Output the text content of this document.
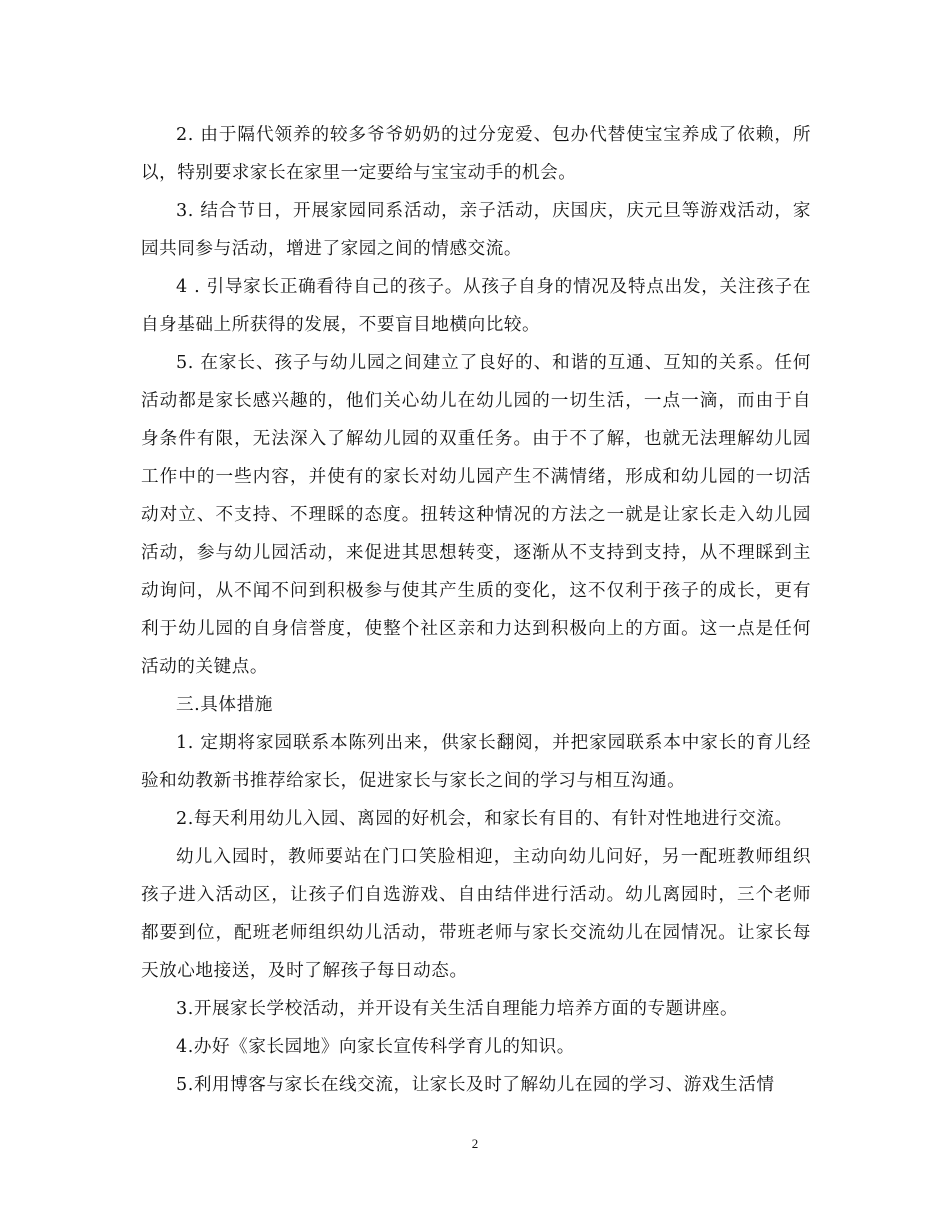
2. 由于隔代领养的较多爷爷奶奶的过分宠爱、包办代替使宝宝养成了依赖，所以，特别要求家长在家里一定要给与宝宝动手的机会。

3. 结合节日，开展家园同系活动，亲子活动，庆国庆，庆元旦等游戏活动，家园共同参与活动，增进了家园之间的情感交流。

4 . 引导家长正确看待自己的孩子。从孩子自身的情况及特点出发，关注孩子在自身基础上所获得的发展，不要盲目地横向比较。

5. 在家长、孩子与幼儿园之间建立了良好的、和谐的互通、互知的关系。任何活动都是家长感兴趣的，他们关心幼儿在幼儿园的一切生活，一点一滴，而由于自身条件有限，无法深入了解幼儿园的双重任务。由于不了解，也就无法理解幼儿园工作中的一些内容，并使有的家长对幼儿园产生不满情绪，形成和幼儿园的一切活动对立、不支持、不理睬的态度。扭转这种情况的方法之一就是让家长走入幼儿园活动，参与幼儿园活动，来促进其思想转变，逐渐从不支持到支持，从不理睬到主动询问，从不闻不问到积极参与使其产生质的变化，这不仅利于孩子的成长，更有利于幼儿园的自身信誉度，使整个社区亲和力达到积极向上的方面。这一点是任何活动的关键点。

三.具体措施

1. 定期将家园联系本陈列出来，供家长翻阅，并把家园联系本中家长的育儿经验和幼教新书推荐给家长，促进家长与家长之间的学习与相互沟通。

2.每天利用幼儿入园、离园的好机会，和家长有目的、有针对性地进行交流。

幼儿入园时，教师要站在门口笑脸相迎，主动向幼儿问好，另一配班教师组织孩子进入活动区，让孩子们自选游戏、自由结伴进行活动。幼儿离园时，三个老师都要到位，配班老师组织幼儿活动，带班老师与家长交流幼儿在园情况。让家长每天放心地接送，及时了解孩子每日动态。

3.开展家长学校活动，并开设有关生活自理能力培养方面的专题讲座。

4.办好《家长园地》向家长宣传科学育儿的知识。

5.利用博客与家长在线交流，让家长及时了解幼儿在园的学习、游戏生活情

2
